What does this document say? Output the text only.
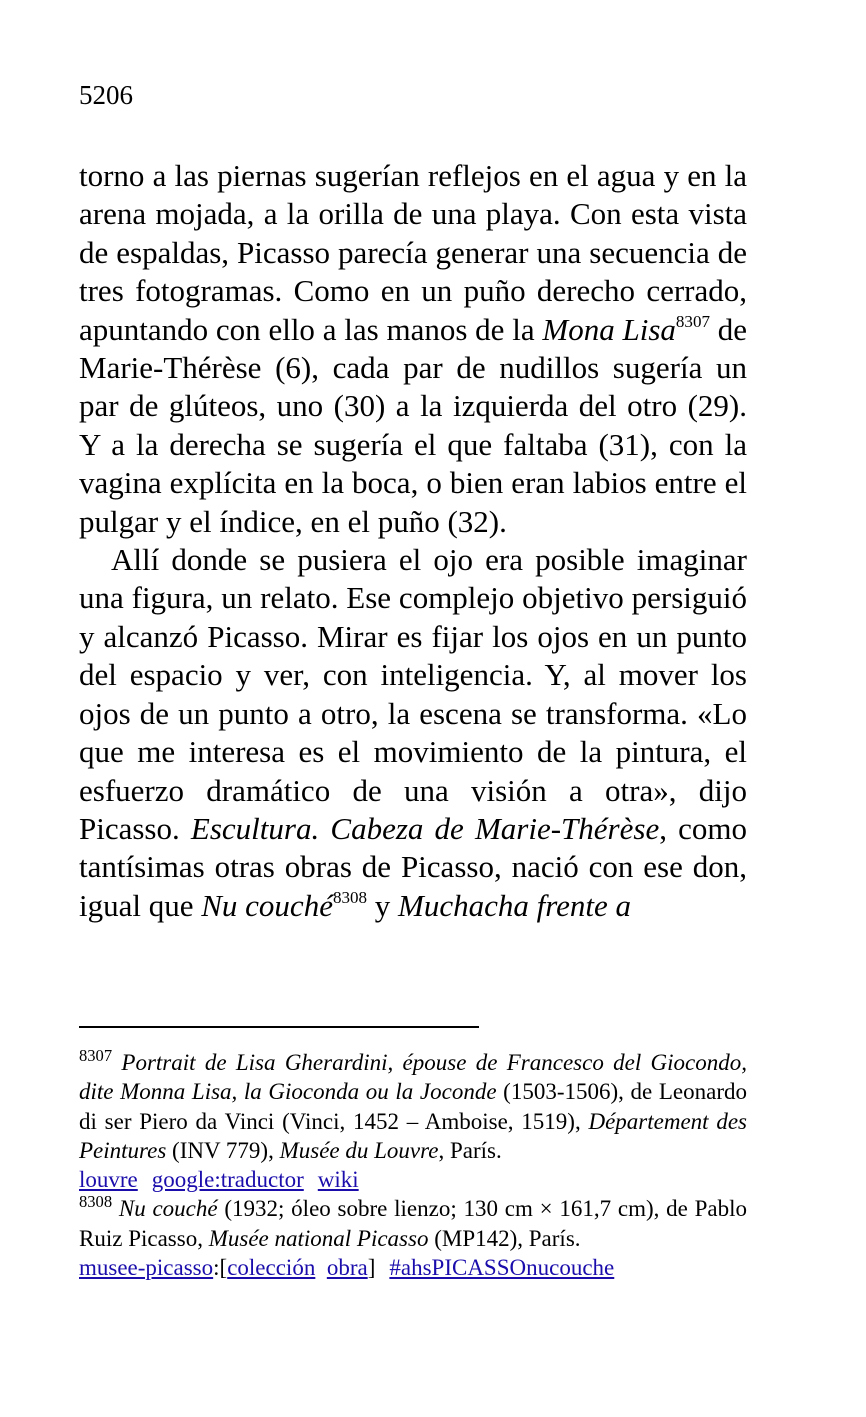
5206

torno a las piernas sugerían reflejos en el agua y en la arena mojada, a la orilla de una playa. Con esta vista de espaldas, Picasso parecía generar una secuencia de tres fotogramas. Como en un puño derecho cerrado, apuntando con ello a las manos de la Mona Lisa$^{8307}$ de Marie-Thérèse (6), cada par de nudillos sugería un par de glúteos, uno (30) a la izquierda del otro (29). Y a la derecha se sugería el que faltaba (31), con la vagina explícita en la boca, o bien eran labios entre el pulgar y el índice, en el puño (32).

Allí donde se pusiera el ojo era posible imaginar una figura, un relato. Ese complejo objetivo persiguió y alcanzó Picasso. Mirar es fijar los ojos en un punto del espacio y ver, con inteligencia. Y, al mover los ojos de un punto a otro, la escena se transforma. «Lo que me interesa es el movimiento de la pintura, el esfuerzo dramático de una visión a otra», dijo Picasso. Escultura. Cabeza de Marie-Thérèse, como tantísimas otras obras de Picasso, nació con ese don, igual que Nu couché$^{8308}$ y Muchacha frente a

$^{8307}$ Portrait de Lisa Gherardini, épouse de Francesco del Giocondo, dite Monna Lisa, la Gioconda ou la Joconde (1503-1506), de Leonardo di ser Piero da Vinci (Vinci, 1452 – Amboise, 1519), Département des Peintures (INV 779), Musée du Louvre, París.

louvre google:traductor wiki

$^{8308}$ Nu couché (1932; óleo sobre lienzo; 130 cm × 161,7 cm), de Pablo Ruiz Picasso, Musée national Picasso (MP142), París.

musee-picasso:[colección obra] #ahsPICASSOnucouche
